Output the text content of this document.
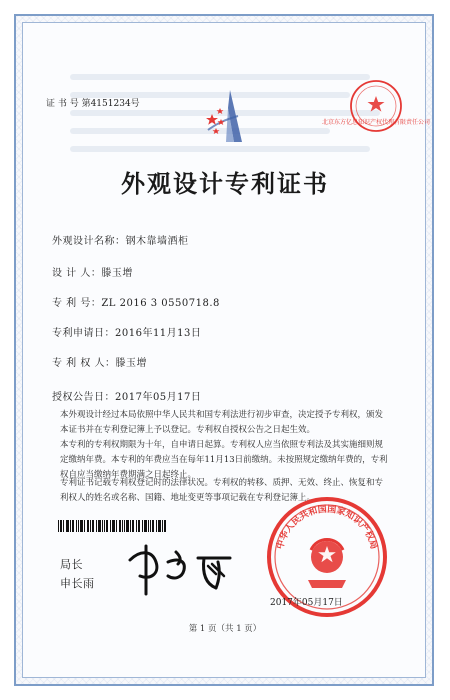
证 书 号 第4151234号
北京东方亿思知识产权代理有限责任公司
外观设计专利证书
外观设计名称：钢木靠墙酒柜
设 计 人：滕玉增
专 利 号：ZL 2016 3 0550718.8
专利申请日：2016年11月13日
专 利 权 人：滕玉增
授权公告日：2017年05月17日
本外观设计经过本局依照中华人民共和国专利法进行初步审查，决定授予专利权，颁发本证书并在专利登记簿上予以登记。专利权自授权公告之日起生效。
本专利的专利权期限为十年，自申请日起算。专利权人应当依照专利法及其实施细则规定缴纳年费。本专利的年费应当在每年11月13日前缴纳。未按照规定缴纳年费的，专利权自应当缴纳年费期满之日起终止。
专利证书记载专利权登记时的法律状况。专利权的转移、质押、无效、终止、恢复和专利权人的姓名或名称、国籍、地址变更等事项记载在专利登记簿上。
局长
申长雨
中华人民共和国国家知识产权局
2017年05月17日
第 1 页（共 1 页）
